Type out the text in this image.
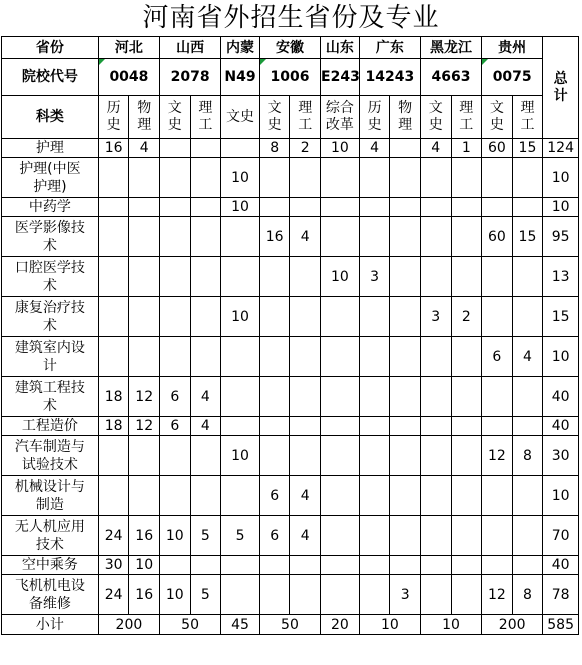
河南省外招生省份及专业
省份	河北		山西		内蒙	安徽		山东	广东		黑龙江		贵州		总计
院校代号	0048		2078		N49	1006		E243	14243		4663		0075		
科类	历史	物理	文史	理工	文史	文史	理工	综合改革	历史	物理	文史	理工	文史	理工	
护理	16	4				8	2	10	4		4	1	60	15	124
护理(中医护理)					10										10
中药学					10										10
医学影像技术						16	4						60	15	95
口腔医学技术								10	3						13
康复治疗技术					10						3	2			15
建筑室内设计													6	4	10
建筑工程技术	18	12	6	4											40
工程造价	18	12	6	4											40
汽车制造与试验技术					10								12	8	30
机械设计与制造						6	4								10
无人机应用技术	24	16	10	5	5	6	4								70
空中乘务	30	10													40
飞机机电设备维修	24	16	10	5						3			12	8	78
小计	200		50		45	50		20	10		10		200		585
